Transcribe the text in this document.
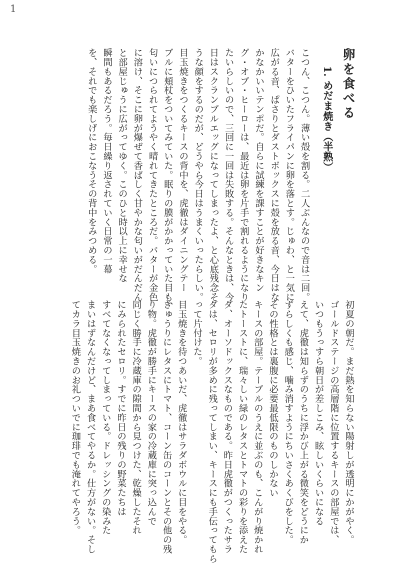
1
卵を食べる
1. めだま焼き（半熟）
こつん、こつん。薄い殻を割る。二人ぶんなので音は二回。
バターをひいたフライパンに卵を落とす。じゅわ、と一気に
広がる音、ぱさりとダストボックスに殻を放る音、今日はな
かなかいいテンポだ。自らに試練を課すことが好きなキン
グ・オブ・ヒーローは、最近は卵を片手で割れるようになり
たいらしいので、三回に一回は失敗する。そんなときは、今
日はスクランブルエッグになってしまったよ、と心底残念そ
うな顔をするのだが、どうやら今日はうまくいったらしい。
目玉焼きをつくるキースの背中を、虎徹はダイニングテー
ブルに頬杖をついてみていた。眠りの膜がかかっていた目も、
匂いにつられてようやく晴れてきたところだ。バターが金色
に溶け、そこに卵が爆ぜて香ばしく甘やかな匂いがだんだん
と部屋じゅうに広がってゆく。このひと時以上に幸せな
瞬間もあるだろう。毎日繰り返されていく日常の一幕
を、それでも楽しげにおこなうその背中をみつめる。
初夏の朝だ。まだ熱を知らない陽射しが透明にかがやく。
ゴールドステージの高層階に位置するキースの部屋では、
いつもうっすら朝日が差しこみ、眩しいくらいになる
えて、虎徹は知らずのうちに浮かび上がる微笑をどうにか
ずらしくも感じ、噛み消すようにちいさくあくびをした。
その性格とは裏腹に必要最低限のものしかない
キースの部屋。テーブルのうえに並ぶのも、こんがり焼かれ
たトーストに、瑞々しい緑のレタスとトマトの彩りを添えた
ダ、オーソドックスなものである。昨日虎徹がつくったサラ
ダは、セロリが多めに残ってしまい、キースにも手伝ってもら
って片付けた。
目玉焼きを待つあいだ、虎徹はサラダボウルに目をやる。
きゅうりにレタスにトマト、コーン缶のコーンとその他の残
り物。虎徹が勝手にキースの家の冷蔵庫に突っ込んで
同じく勝手に冷蔵庫の隙間から見つけた、乾燥したそれ
にみられたセロリ。すでに昨日の残りの野菜たちは
すべてなくなってしまっている。ドレッシングの染みた
まいはずなんだけど、まあ食べてやるか。仕方がない。そし
てカラ目玉焼きのお礼ついでに珈琲でも淹れてやろう。
